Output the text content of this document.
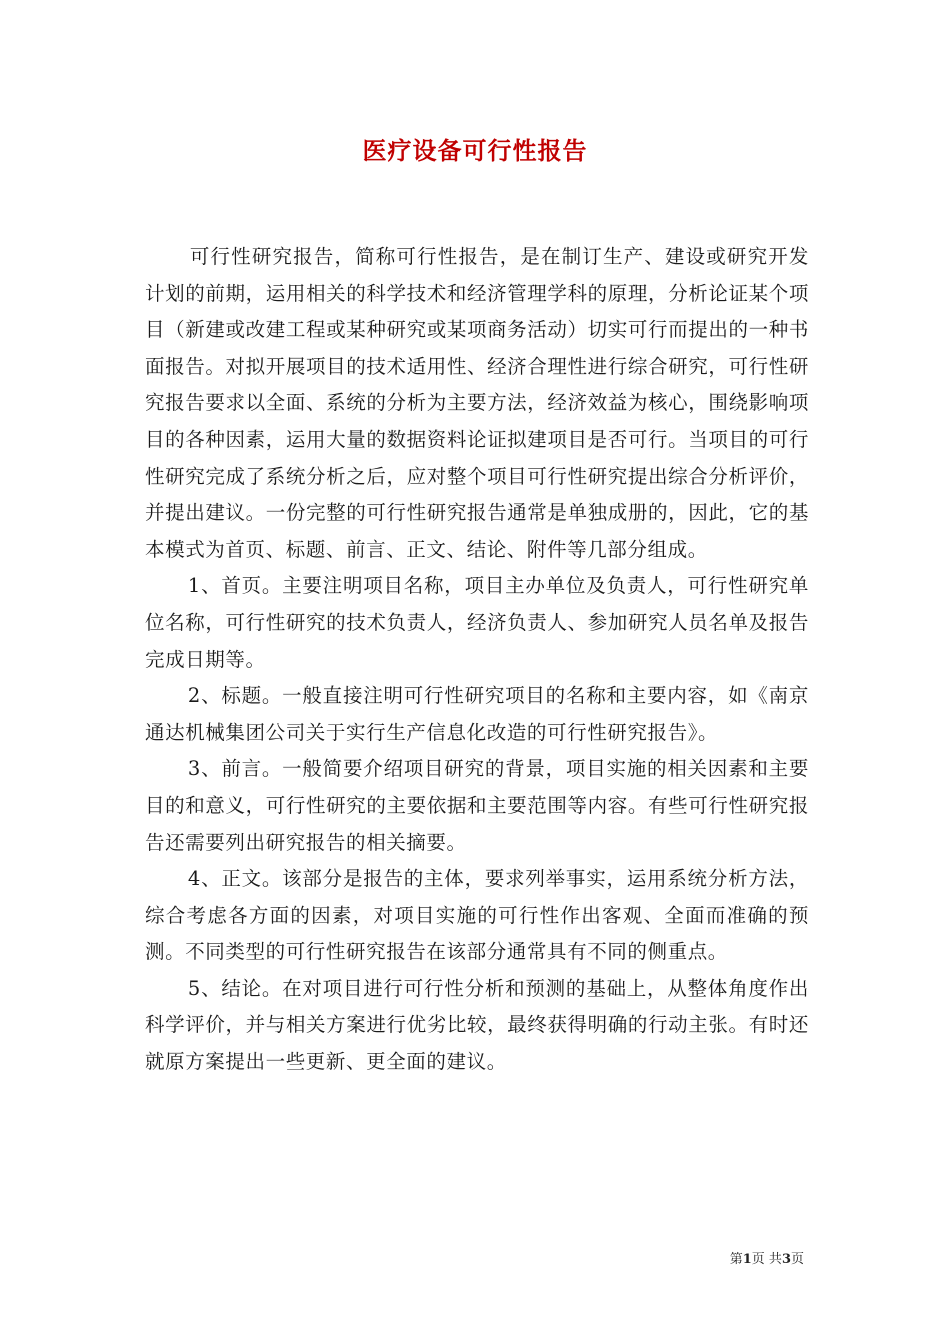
医疗设备可行性报告

可行性研究报告，简称可行性报告，是在制订生产、建设或研究开发计划的前期，运用相关的科学技术和经济管理学科的原理，分析论证某个项目（新建或改建工程或某种研究或某项商务活动）切实可行而提出的一种书面报告。对拟开展项目的技术适用性、经济合理性进行综合研究，可行性研究报告要求以全面、系统的分析为主要方法，经济效益为核心，围绕影响项目的各种因素，运用大量的数据资料论证拟建项目是否可行。当项目的可行性研究完成了系统分析之后，应对整个项目可行性研究提出综合分析评价，并提出建议。一份完整的可行性研究报告通常是单独成册的，因此，它的基本模式为首页、标题、前言、正文、结论、附件等几部分组成。

1、首页。主要注明项目名称，项目主办单位及负责人，可行性研究单位名称，可行性研究的技术负责人，经济负责人、参加研究人员名单及报告完成日期等。

2、标题。一般直接注明可行性研究项目的名称和主要内容，如《南京通达机械集团公司关于实行生产信息化改造的可行性研究报告》。

3、前言。一般简要介绍项目研究的背景，项目实施的相关因素和主要目的和意义，可行性研究的主要依据和主要范围等内容。有些可行性研究报告还需要列出研究报告的相关摘要。

4、正文。该部分是报告的主体，要求列举事实，运用系统分析方法，综合考虑各方面的因素，对项目实施的可行性作出客观、全面而准确的预测。不同类型的可行性研究报告在该部分通常具有不同的侧重点。

5、结论。在对项目进行可行性分析和预测的基础上，从整体角度作出科学评价，并与相关方案进行优劣比较，最终获得明确的行动主张。有时还就原方案提出一些更新、更全面的建议。

第1页 共3页
